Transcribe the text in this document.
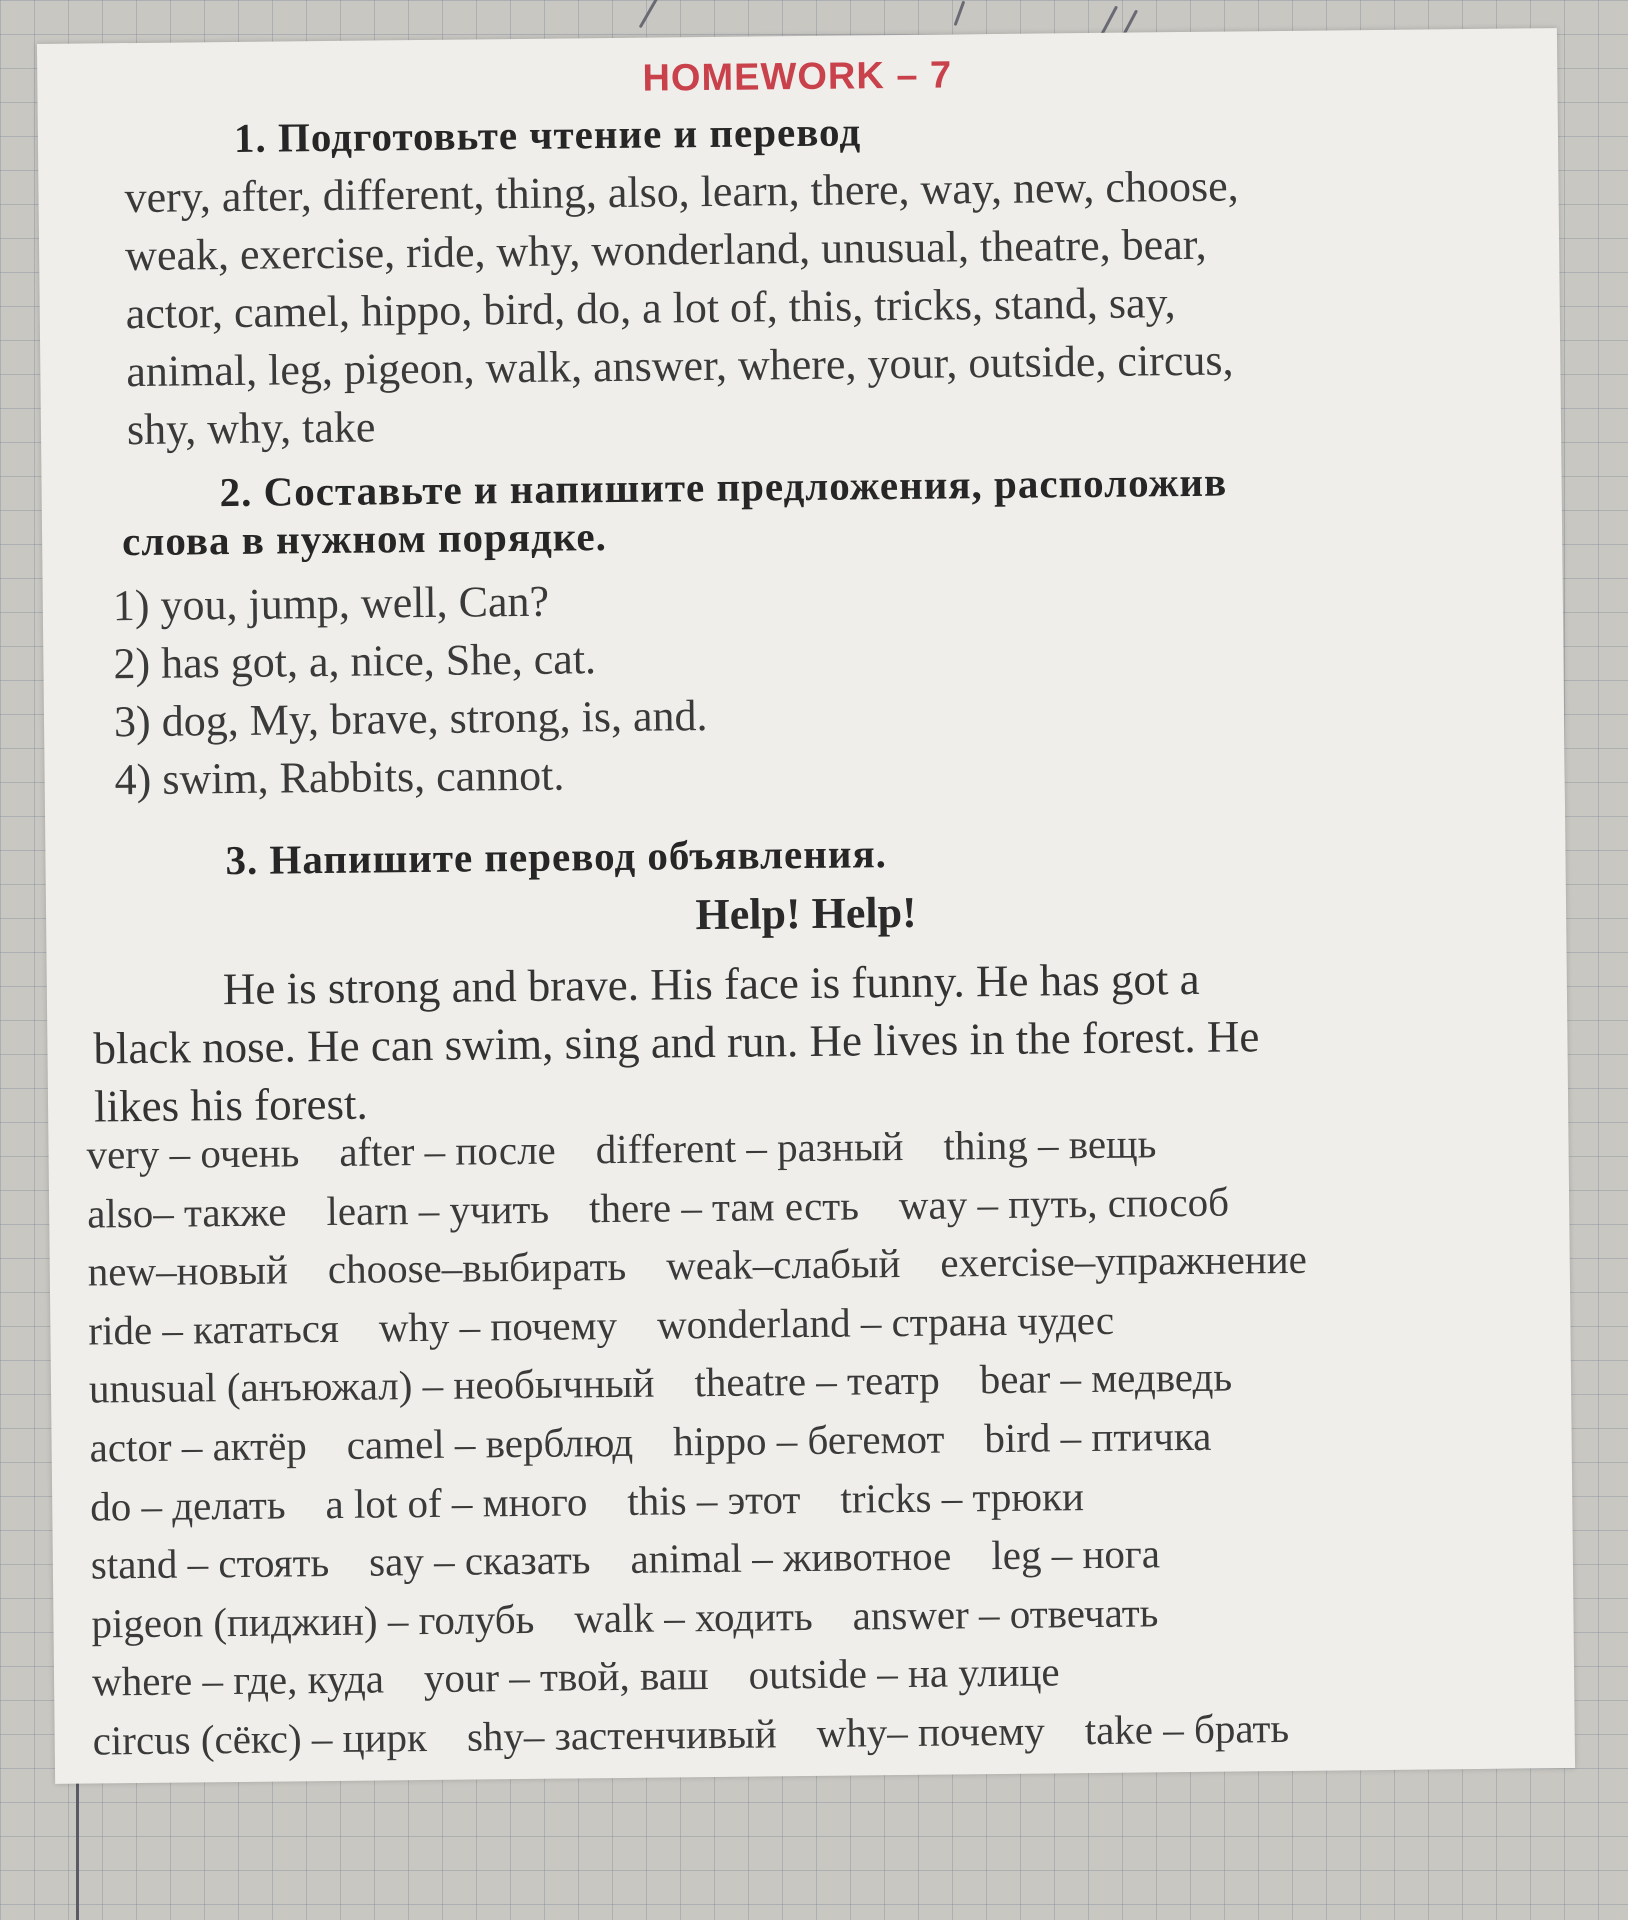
HOMEWORK – 7
1. Подготовьте чтение и перевод
very, after, different, thing, also, learn, there, way, new, choose,
weak, exercise, ride, why, wonderland, unusual, theatre, bear,
actor, camel, hippo, bird, do, a lot of, this, tricks, stand, say,
animal, leg, pigeon, walk, answer, where, your, outside, circus,
shy, why, take
2. Составьте и напишите предложения, расположив
слова в нужном порядке.
1) you, jump, well, Can?
2) has got, a, nice, She, cat.
3) dog, My, brave, strong, is, and.
4) swim, Rabbits, cannot.
3. Напишите перевод объявления.
Help! Help!
He is strong and brave. His face is funny. He has got a
black nose. He can swim, sing and run. He lives in the forest. He
likes his forest.
very – очень after – после different – разный thing – вещь
also– также learn – учить there – там есть way – путь, способ
new–новый choose–выбирать weak–слабый exercise–упражнение
ride – кататься why – почему wonderland – страна чудес
unusual (анъюжал) – необычный theatre – театр bear – медведь
actor – актёр camel – верблюд hippo – бегемот bird – птичка
do – делать a lot of – много this – этот tricks – трюки
stand – стоять say – сказать animal – животное leg – нога
pigeon (пиджин) – голубь walk – ходить answer – отвечать
where – где, куда your – твой, ваш outside – на улице
circus (сёкс) – цирк shy– застенчивый why– почему take – брать
